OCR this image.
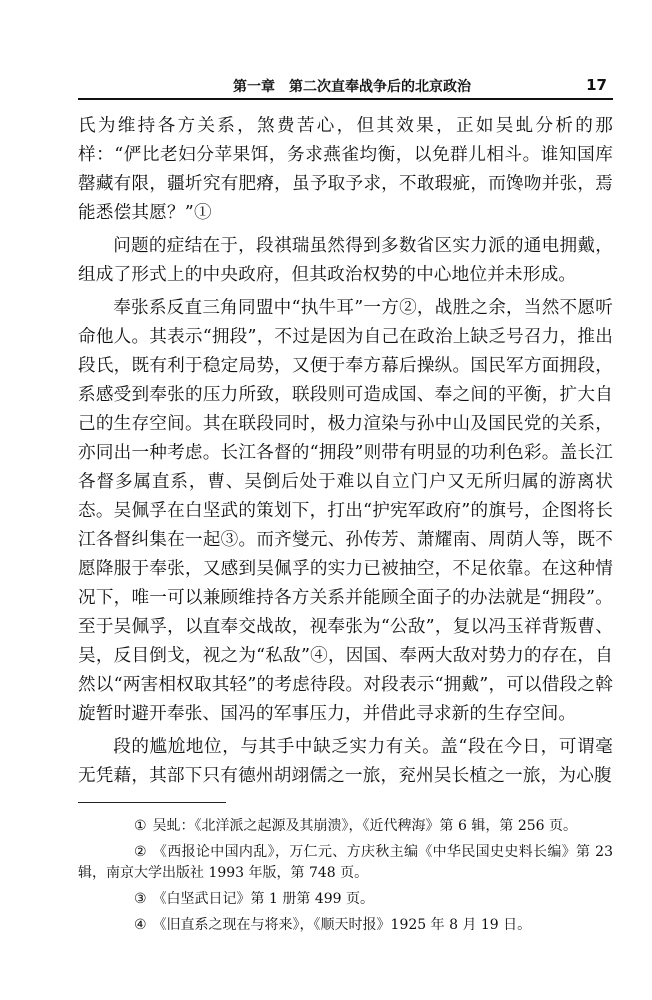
第一章　第二次直奉战争后的北京政治	17

氏为维持各方关系，煞费苦心，但其效果，正如吴虬分析的那样：“俨比老妇分苹果饵，务求燕雀均衡，以免群儿相斗。谁知国库罄藏有限，疆圻究有肥瘠，虽予取予求，不敢瑕疵，而馋吻并张，焉能悉偿其愿？”①

问题的症结在于，段祺瑞虽然得到多数省区实力派的通电拥戴，组成了形式上的中央政府，但其政治权势的中心地位并未形成。

奉张系反直三角同盟中“执牛耳”一方②，战胜之余，当然不愿听命他人。其表示“拥段”，不过是因为自己在政治上缺乏号召力，推出段氏，既有利于稳定局势，又便于奉方幕后操纵。国民军方面拥段，系感受到奉张的压力所致，联段则可造成国、奉之间的平衡，扩大自己的生存空间。其在联段同时，极力渲染与孙中山及国民党的关系，亦同出一种考虑。长江各督的“拥段”则带有明显的功利色彩。盖长江各督多属直系，曹、吴倒后处于难以自立门户又无所归属的游离状态。吴佩孚在白坚武的策划下，打出“护宪军政府”的旗号，企图将长江各督纠集在一起③。而齐燮元、孙传芳、萧耀南、周荫人等，既不愿降服于奉张，又感到吴佩孚的实力已被抽空，不足依靠。在这种情况下，唯一可以兼顾维持各方关系并能顾全面子的办法就是“拥段”。至于吴佩孚，以直奉交战故，视奉张为“公敌”，复以冯玉祥背叛曹、吴，反目倒戈，视之为“私敌”④，因国、奉两大敌对势力的存在，自然以“两害相权取其轻”的考虑待段。对段表示“拥戴”，可以借段之斡旋暂时避开奉张、国冯的军事压力，并借此寻求新的生存空间。

段的尴尬地位，与其手中缺乏实力有关。盖“段在今日，可谓毫无凭藉，其部下只有德州胡翊儒之一旅，兖州吴长植之一旅，为心腹

① 吴虬：《北洋派之起源及其崩溃》，《近代稗海》第 6 辑，第 256 页。

② 《西报论中国内乱》，万仁元、方庆秋主编《中华民国史史料长编》第 23 辑，南京大学出版社 1993 年版，第 748 页。

③ 《白坚武日记》第 1 册第 499 页。

④ 《旧直系之现在与将来》，《顺天时报》1925 年 8 月 19 日。
